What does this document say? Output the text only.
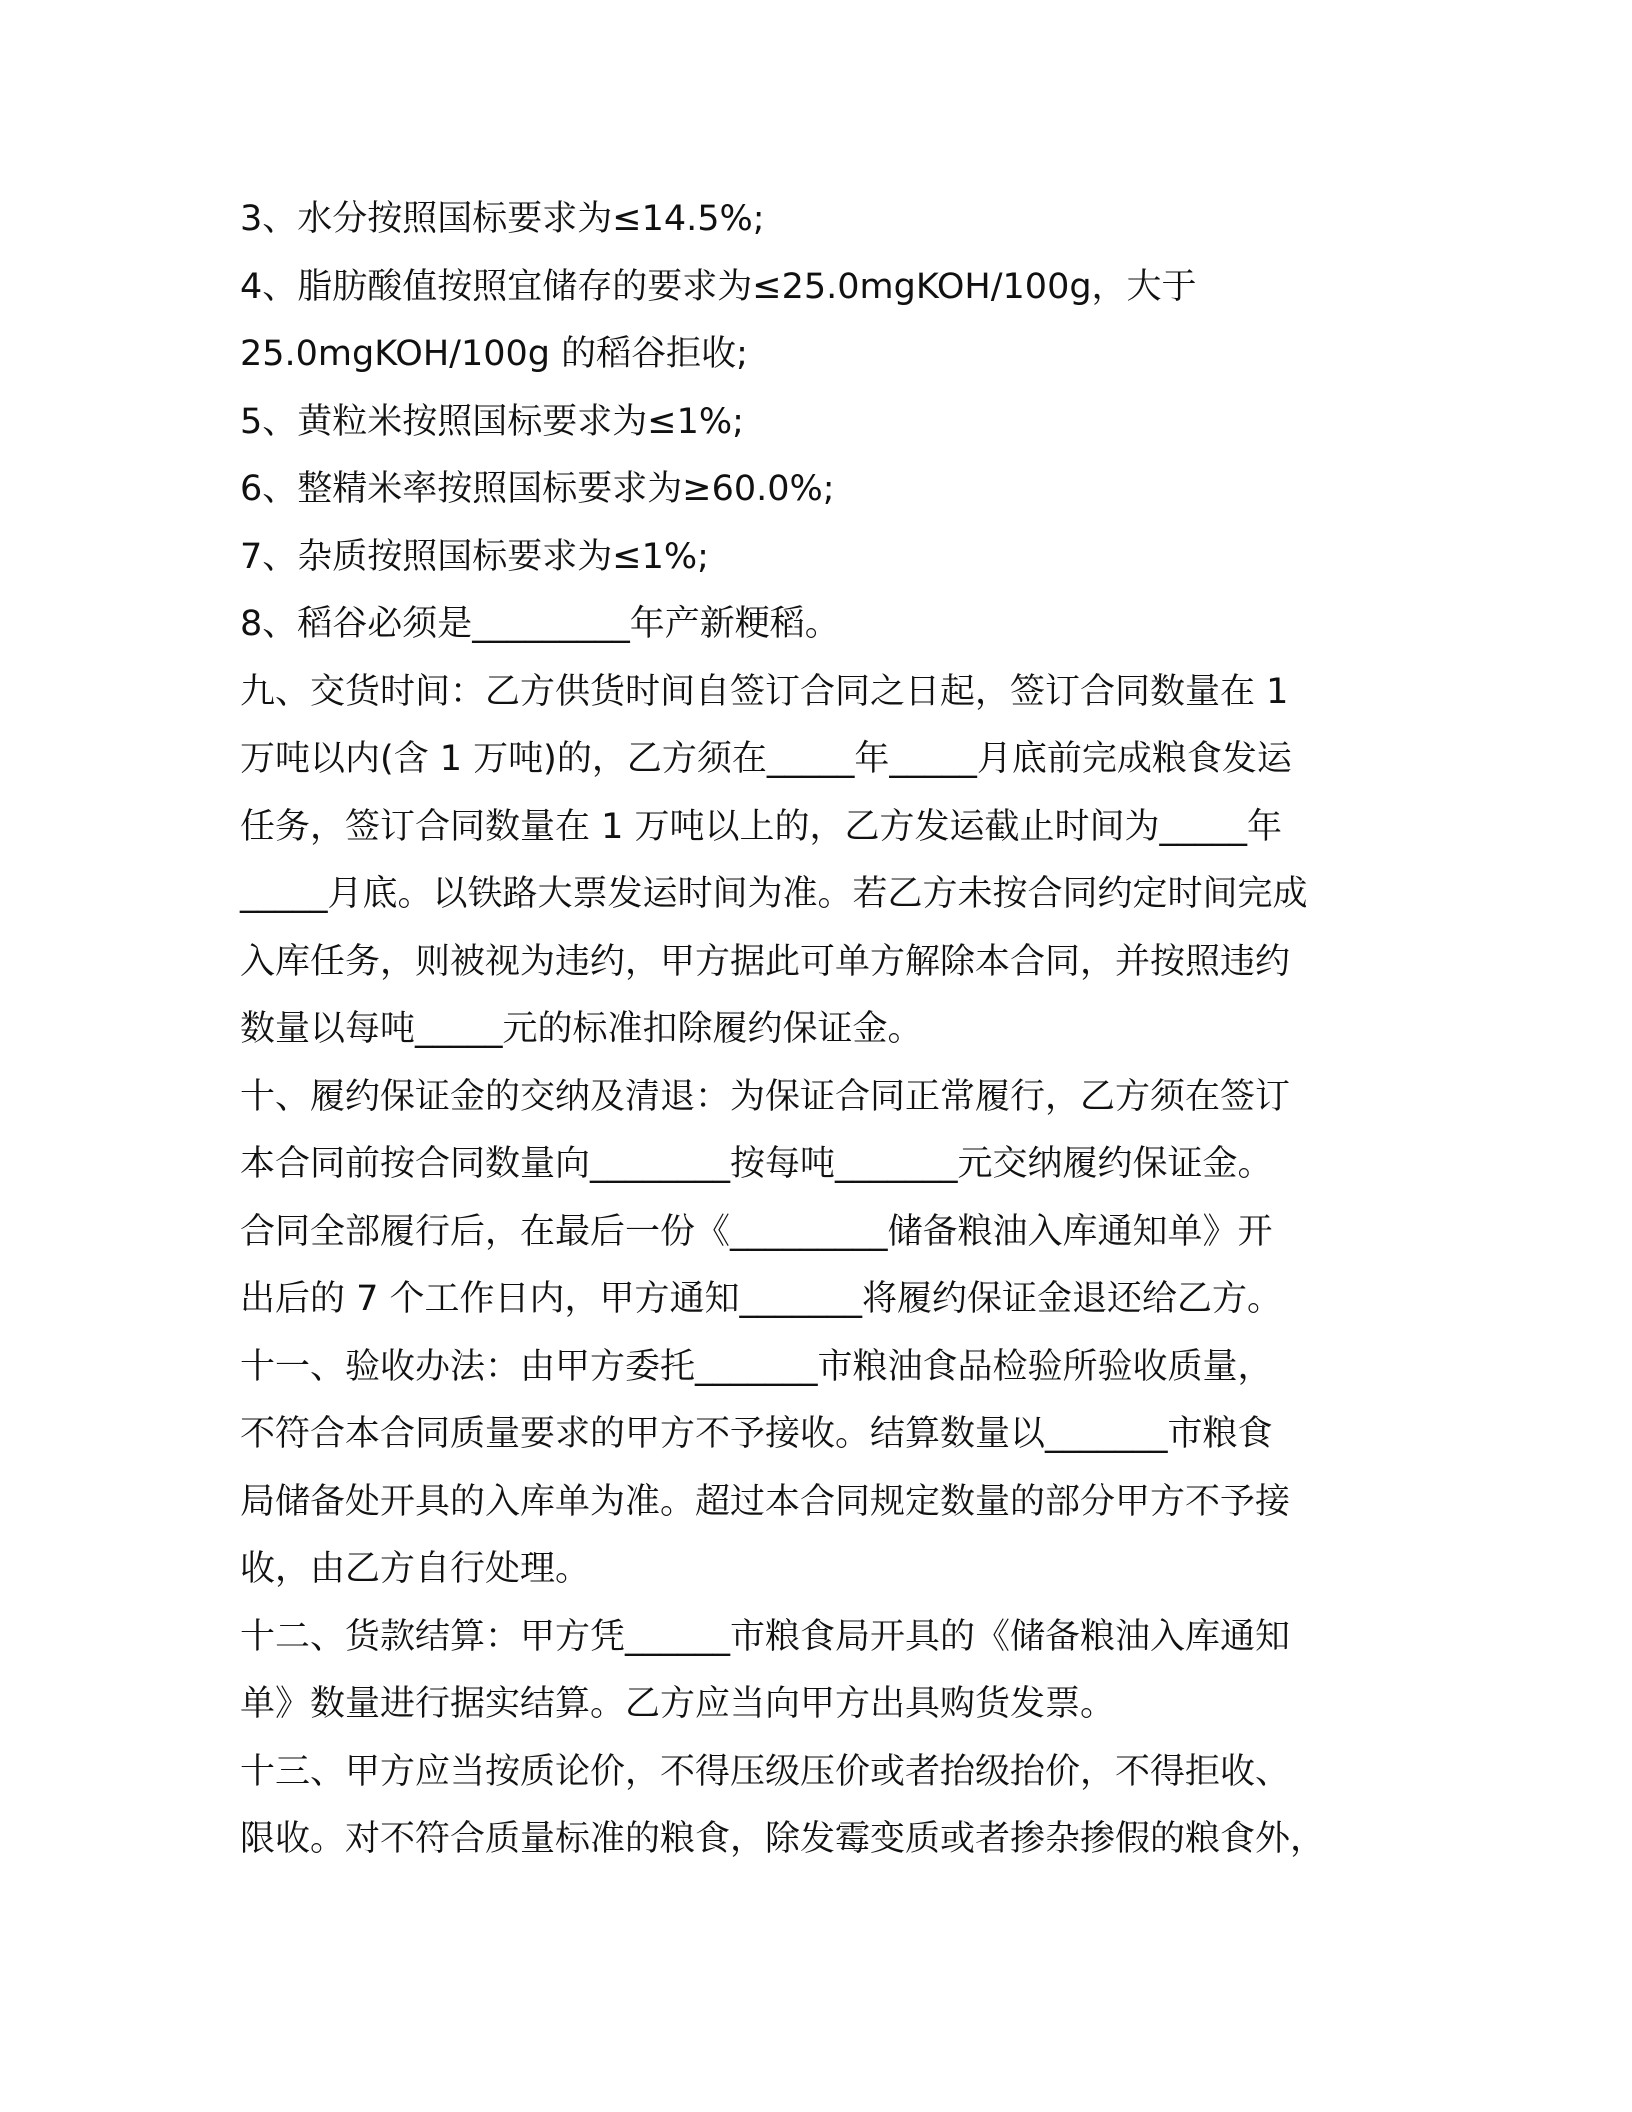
3、水分按照国标要求为≤14.5%;
4、脂肪酸值按照宜储存的要求为≤25.0mgKOH/100g，大于
25.0mgKOH/100g 的稻谷拒收;
5、黄粒米按照国标要求为≤1%;
6、整精米率按照国标要求为≥60.0%;
7、杂质按照国标要求为≤1%;
8、稻谷必须是_________年产新粳稻。
九、交货时间：乙方供货时间自签订合同之日起，签订合同数量在 1
万吨以内(含 1 万吨)的，乙方须在_____年_____月底前完成粮食发运
任务，签订合同数量在 1 万吨以上的，乙方发运截止时间为_____年
_____月底。以铁路大票发运时间为准。若乙方未按合同约定时间完成
入库任务，则被视为违约，甲方据此可单方解除本合同，并按照违约
数量以每吨_____元的标准扣除履约保证金。
十、履约保证金的交纳及清退：为保证合同正常履行，乙方须在签订
本合同前按合同数量向________按每吨_______元交纳履约保证金。
合同全部履行后，在最后一份《_________储备粮油入库通知单》开
出后的 7 个工作日内，甲方通知_______将履约保证金退还给乙方。
十一、验收办法：由甲方委托_______市粮油食品检验所验收质量，
不符合本合同质量要求的甲方不予接收。结算数量以_______市粮食
局储备处开具的入库单为准。超过本合同规定数量的部分甲方不予接
收，由乙方自行处理。
十二、货款结算：甲方凭______市粮食局开具的《储备粮油入库通知
单》数量进行据实结算。乙方应当向甲方出具购货发票。
十三、甲方应当按质论价，不得压级压价或者抬级抬价，不得拒收、
限收。对不符合质量标准的粮食，除发霉变质或者掺杂掺假的粮食外，
